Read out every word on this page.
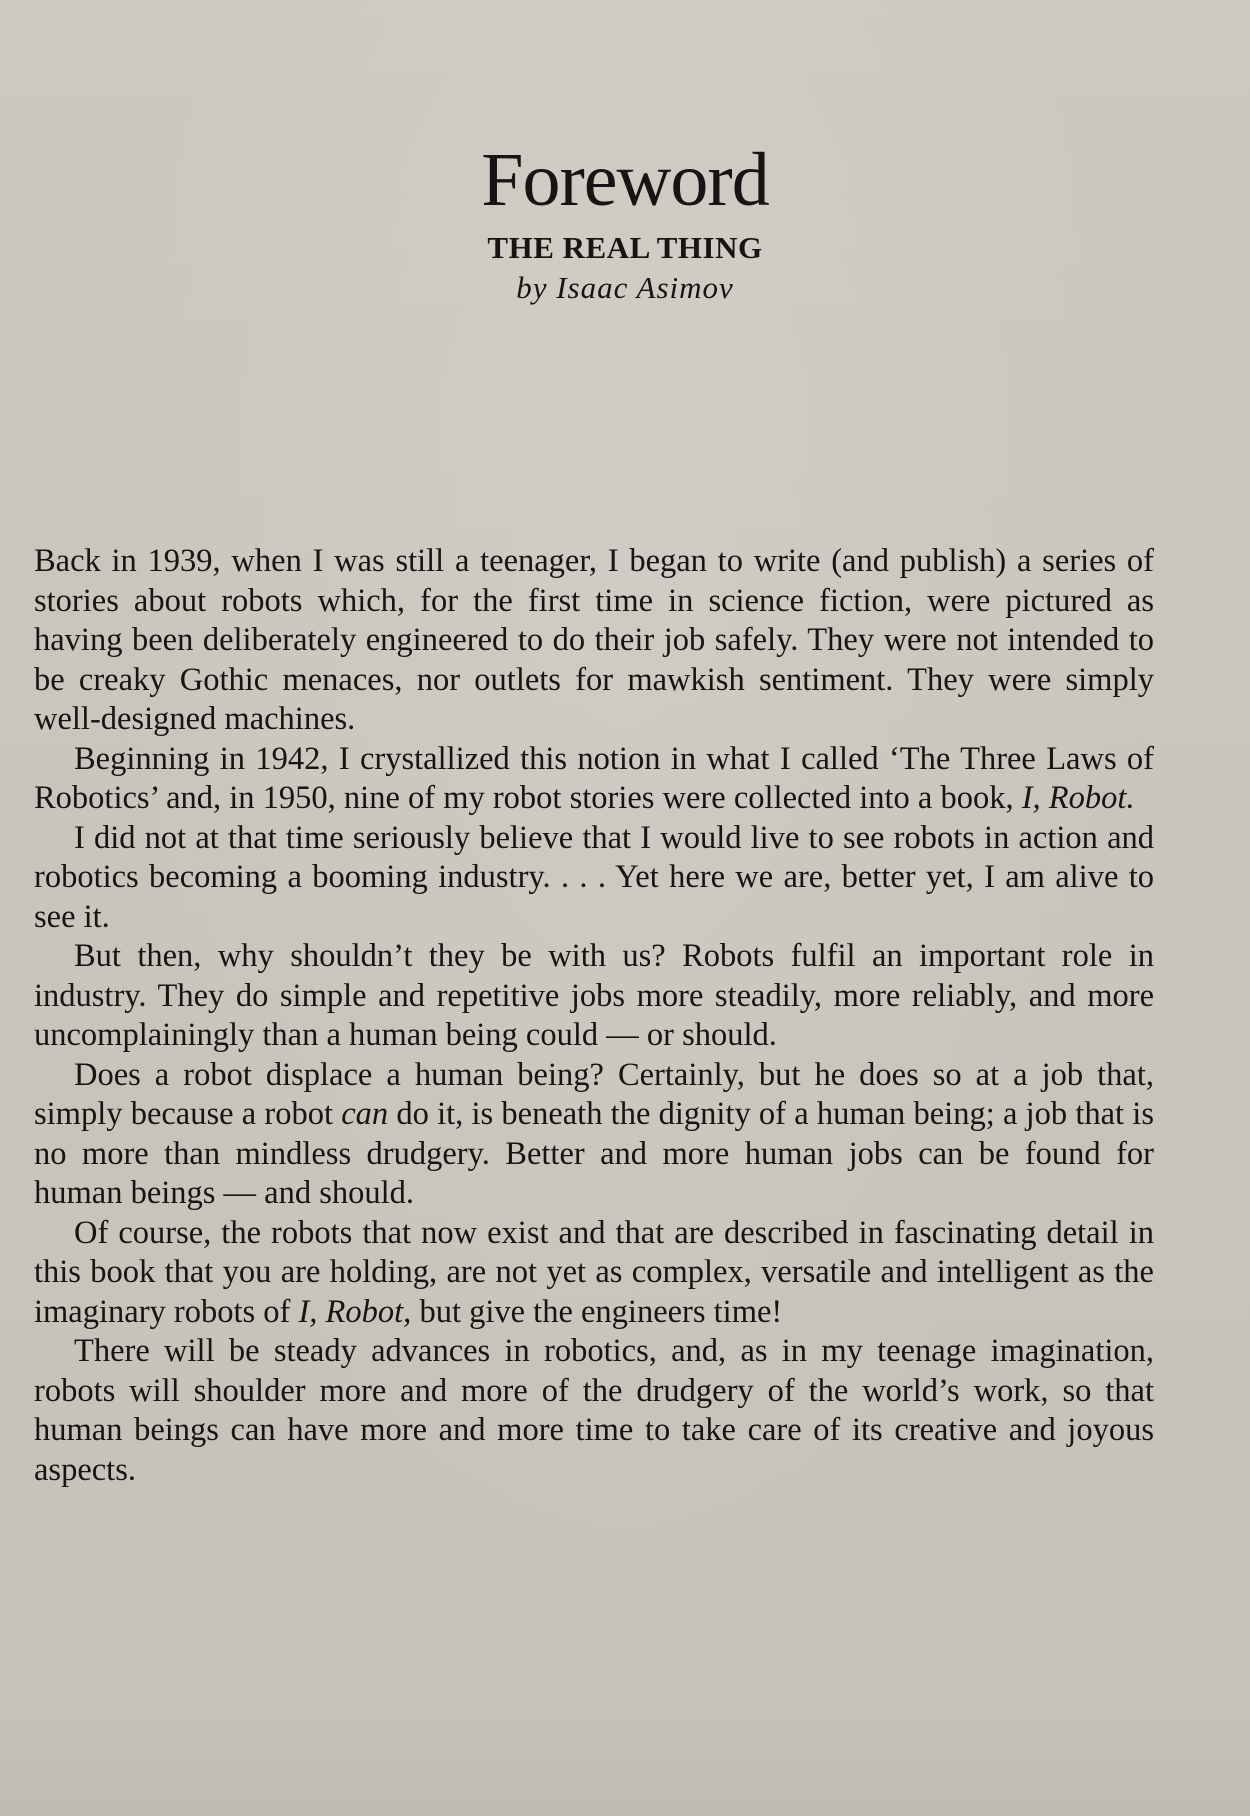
Foreword
THE REAL THING
by Isaac Asimov

Back in 1939, when I was still a teenager, I began to write (and publish) a series of stories about robots which, for the first time in science fiction, were pictured as having been deliberately engineered to do their job safely. They were not intended to be creaky Gothic menaces, nor outlets for mawkish sentiment. They were simply well-designed machines.

Beginning in 1942, I crystallized this notion in what I called ‘The Three Laws of Robotics’ and, in 1950, nine of my robot stories were collected into a book, I, Robot.

I did not at that time seriously believe that I would live to see robots in action and robotics becoming a booming industry. . . . Yet here we are, better yet, I am alive to see it.

But then, why shouldn’t they be with us? Robots fulfil an important role in industry. They do simple and repetitive jobs more steadily, more reliably, and more uncomplainingly than a human being could — or should.

Does a robot displace a human being? Certainly, but he does so at a job that, simply because a robot can do it, is beneath the dignity of a human being; a job that is no more than mindless drudgery. Better and more human jobs can be found for human beings — and should.

Of course, the robots that now exist and that are described in fascinating detail in this book that you are holding, are not yet as complex, versatile and intelligent as the imaginary robots of I, Robot, but give the engineers time!

There will be steady advances in robotics, and, as in my teenage imagination, robots will shoulder more and more of the drudgery of the world’s work, so that human beings can have more and more time to take care of its creative and joyous aspects.
